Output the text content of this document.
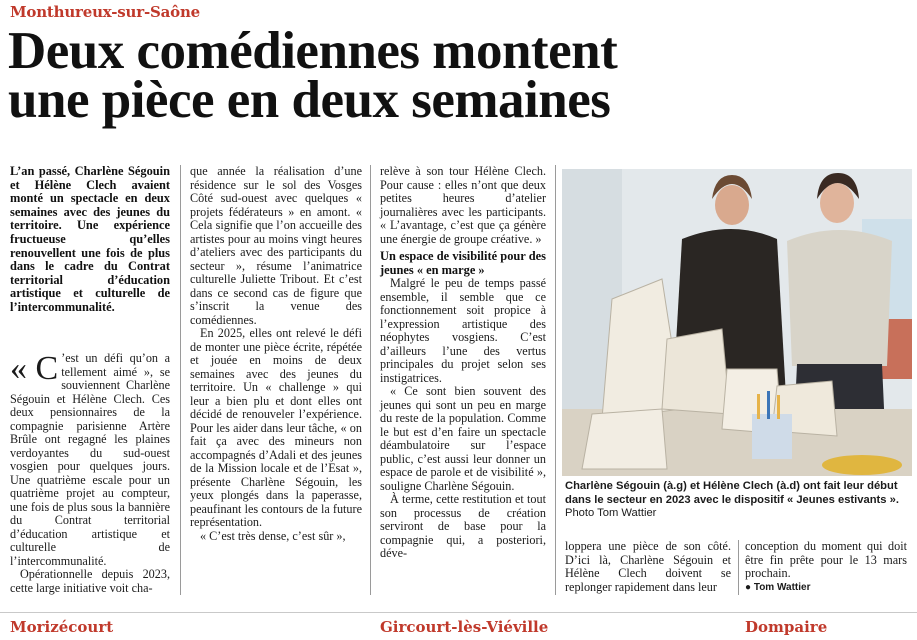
Monthureux-sur-Saône
Deux comédiennes montent
une pièce en deux semaines
L’an passé, Charlène Ségouin et Hélène Clech avaient monté un spectacle en deux semaines avec des jeunes du territoire. Une expérience fructueuse qu’elles renouvellent une fois de plus dans le cadre du Contrat territorial d’éducation artistique et culturelle de l’intercommunalité.

« C ’est un défi qu’on a tellement aimé », se souviennent Charlène Ségouin et Hélène Clech. Ces deux pensionnaires de la compagnie parisienne Artère Brûle ont regagné les plaines verdoyantes du sud-ouest vosgien pour quelques jours. Une quatrième escale pour un quatrième projet au compteur, une fois de plus sous la bannière du Contrat territorial d’éducation artistique et culturelle de l’intercommunalité.

Opérationnelle depuis 2023, cette large initiative voit cha-

que année la réalisation d’une résidence sur le sol des Vosges Côté sud-ouest avec quelques « projets fédérateurs » en amont. « Cela signifie que l’on accueille des artistes pour au moins vingt heures d’ateliers avec des participants du secteur », résume l’animatrice culturelle Juliette Tribout. Et c’est dans ce second cas de figure que s’inscrit la venue des comédiennes.

En 2025, elles ont relevé le défi de monter une pièce écrite, répétée et jouée en moins de deux semaines avec des jeunes du territoire. Un « challenge » qui leur a bien plu et dont elles ont décidé de renouveler l’expérience. Pour les aider dans leur tâche, « on fait ça avec des mineurs non accompagnés d’Adali et des jeunes de la Mission locale et de l’Esat », présente Charlène Ségouin, les yeux plongés dans la paperasse, peaufinant les contours de la future représentation.

« C’est très dense, c’est sûr »,

relève à son tour Hélène Clech. Pour cause : elles n’ont que deux petites heures d’atelier journalières avec les participants. « L’avantage, c’est que ça génère une énergie de groupe créative. »

Un espace de visibilité pour des jeunes « en marge »

Malgré le peu de temps passé ensemble, il semble que ce fonctionnement soit propice à l’expression artistique des néophytes vosgiens. C’est d’ailleurs l’une des vertus principales du projet selon ses instigatrices.

« Ce sont bien souvent des jeunes qui sont un peu en marge du reste de la population. Comme le but est d’en faire un spectacle déambulatoire sur l’espace public, c’est aussi leur donner un espace de parole et de visibilité », souligne Charlène Ségouin.

À terme, cette restitution et tout son processus de création serviront de base pour la compagnie qui, a posteriori, déve-

Charlène Ségouin (à.g) et Hélène Clech (à.d) ont fait leur début dans le secteur en 2023 avec le dispositif « Jeunes estivants ». Photo Tom Wattier

loppera une pièce de son côté. D’ici là, Charlène Ségouin et Hélène Clech doivent se replonger rapidement dans leur

conception du moment qui doit être fin prête pour le 13 mars prochain.

● Tom Wattier
Morizécourt	Gircourt-lès-Viéville	Dompaire
